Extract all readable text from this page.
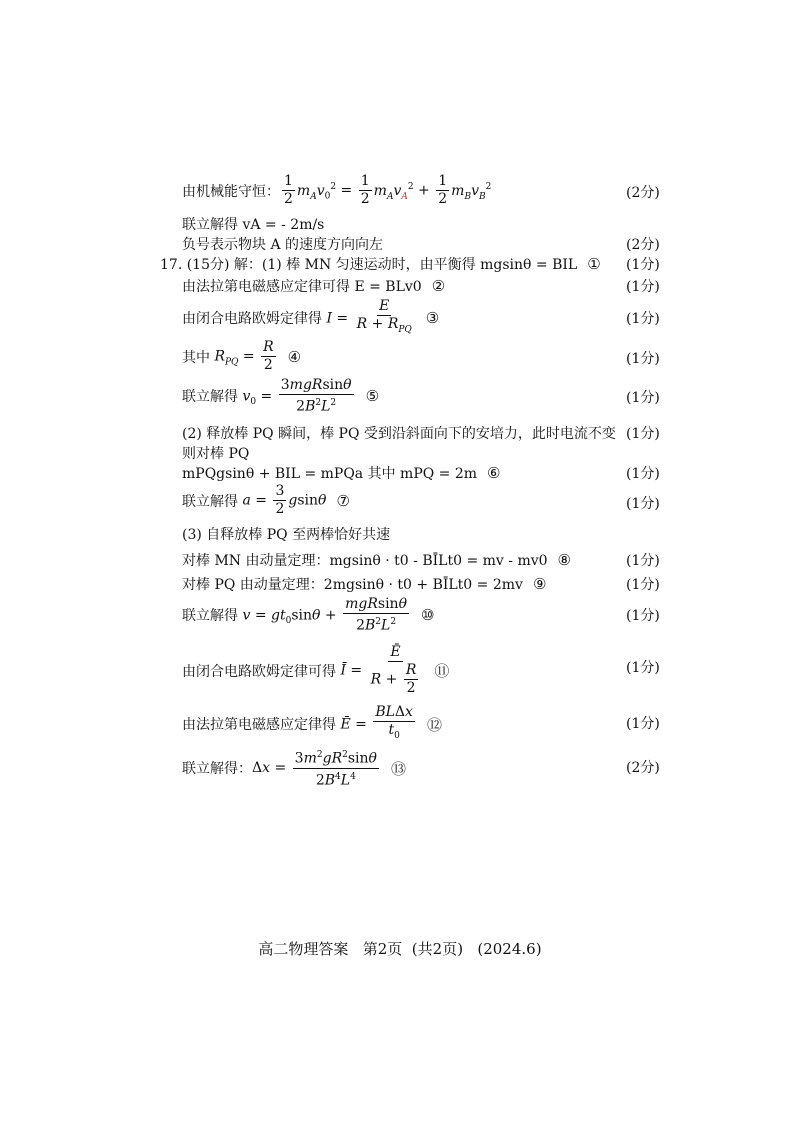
由机械能守恒： $\frac{1}{2} m_Av_0^2 = \frac{1}{2} m_Av_A^2 + \frac{1}{2} m_Bv_B^2$	(2分)
联立解得 vA = - 2m/s
负号表示物块 A 的速度方向向左	(2分)
17. (15分) 解：(1) 棒 MN 匀速运动时，由平衡得 mgsinθ = BIL ① (1分)
由法拉第电磁感应定律可得 E = BLv0 ②	(1分)
由闭合电路欧姆定律得 $I = \frac{E}{R + R_{PQ}}$ ③	(1分)
其中 $R_{PQ} = \frac{R}{2}$ ④	(1分)
联立解得 $v_0 = \frac{\text{3mgRsinθ}}{2B^2L^2}$ ⑤	(1分)
(2) 释放棒 PQ 瞬间，棒 PQ 受到沿斜面向下的安培力，此时电流不变 (1分)
则对棒 PQ
mPQgsinθ + BIL = mPQa 其中 mPQ = 2m ⑥	(1分)
联立解得 $a = \frac{3}{2}$ gsinθ ⑦	(1分)
(3) 自释放棒 PQ 至两棒恰好共速
对棒 MN 由动量定理：mgsinθ · t0 - BĪLt0 = mv - mv0 ⑧	(1分)
对棒 PQ 由动量定理：2mgsinθ · t0 + BĪLt0 = 2mv ⑨	(1分)
联立解得 $v = gt_0\sin\theta + \frac{\text{mgRsinθ}}{2B^2L^2}$ ⑩	(1分)
由闭合电路欧姆定律可得 Ī = $\frac{Ē}{R + \frac{R}{2}}$ ⑪	(1分)
由法拉第电磁感应定律得 Ē = $\frac{\text{BLΔx}}{t_0}$ ⑫	(1分)
联立解得： $\Delta x = \frac{3m^2gR^2\sin\theta}{2B^4L^4}$ ⑬	(2分)
高二物理答案   第2页  (共2页)   (2024.6)
